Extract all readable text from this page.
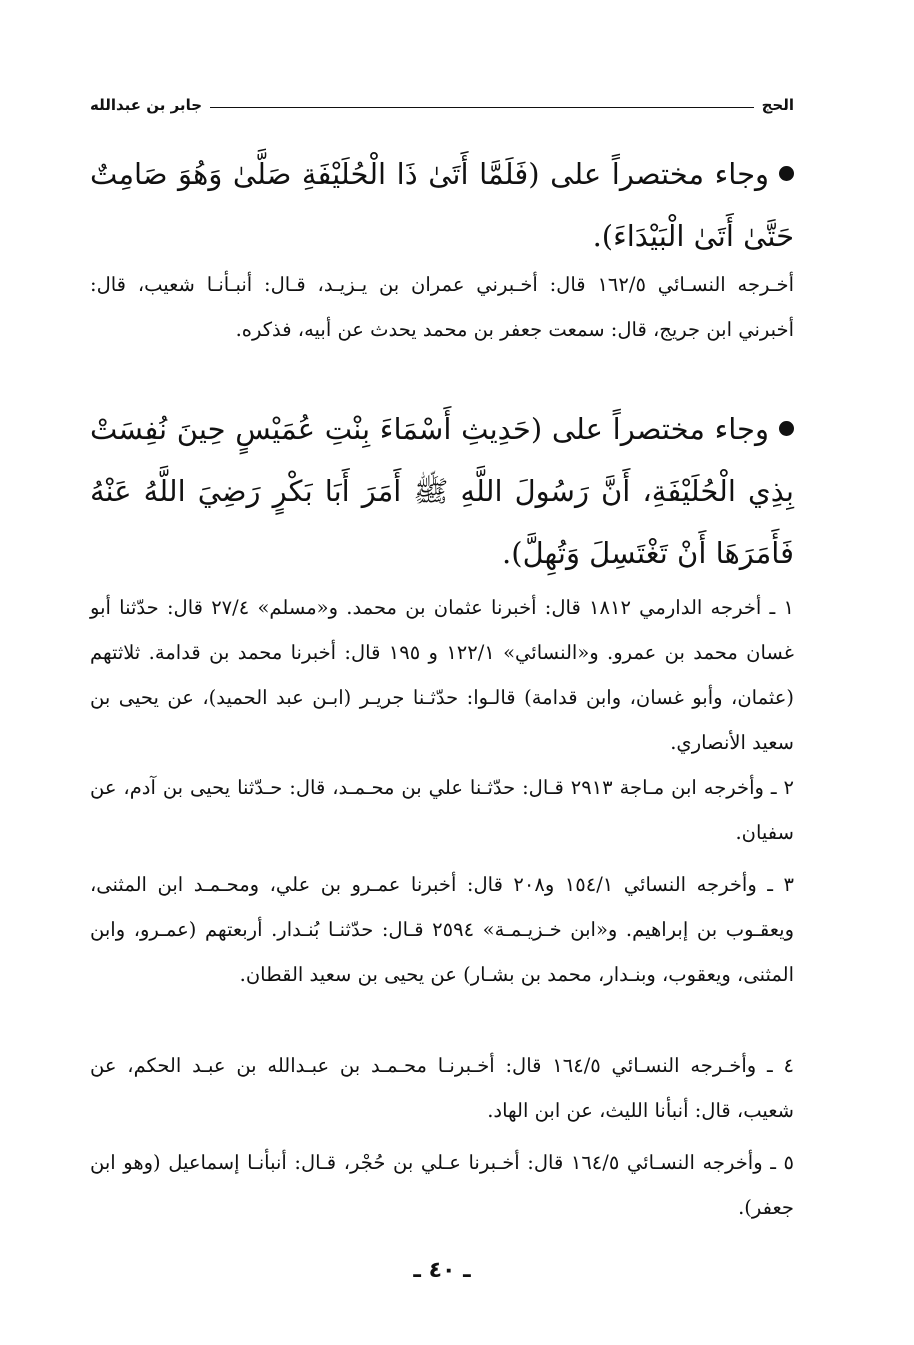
الحج
جابر بن عبدالله
وجاء مختصراً على (فَلَمَّا أَتَىٰ ذَا الْحُلَيْفَةِ صَلَّىٰ وَهُوَ صَامِتٌ حَتَّىٰ أَتَىٰ الْبَيْدَاءَ).
أخـرجه النسـائي ١٦٢/٥ قال: أخـبرني عمران بن يـزيـد، قـال: أنبـأنـا شعيب، قال: أخبرني ابن جريج، قال: سمعت جعفر بن محمد يحدث عن أبيه، فذكره.
وجاء مختصراً على (حَدِيثِ أَسْمَاءَ بِنْتِ عُمَيْسٍ حِينَ نُفِسَتْ بِذِي الْحُلَيْفَةِ، أَنَّ رَسُولَ اللَّهِ ﷺ أَمَرَ أَبَا بَكْرٍ رَضِيَ اللَّهُ عَنْهُ فَأَمَرَهَا أَنْ تَغْتَسِلَ وَتُهِلَّ).
١ ـ أخرجه الدارمي ١٨١٢ قال: أخبرنا عثمان بن محمد. و«مسلم» ٢٧/٤ قال: حدّثنا أبو غسان محمد بن عمرو. و«النسائي» ١٢٢/١ و ١٩٥ قال: أخبرنا محمد بن قدامة. ثلاثتهم (عثمان، وأبو غسان، وابن قدامة) قالـوا: حدّثـنا جريـر (ابـن عبد الحميد)، عن يحيى بن سعيد الأنصاري.
٢ ـ وأخرجه ابن مـاجة ٢٩١٣ قـال: حدّثـنا علي بن محـمـد، قال: حـدّثنا يحيى بن آدم، عن سفيان.
٣ ـ وأخرجه النسائي ١٥٤/١ و٢٠٨ قال: أخبرنا عمـرو بن علي، ومحـمـد ابن المثنى، ويعقـوب بن إبراهيم. و«ابن خـزيـمـة» ٢٥٩٤ قـال: حدّثنـا بُنـدار. أربعتهم (عمـرو، وابن المثنى، ويعقوب، وبنـدار، محمد بن بشـار) عن يحيى بن سعيد القطان.
٤ ـ وأخـرجه النسـائي ١٦٤/٥ قال: أخـبرنـا محـمـد بن عبـدالله بن عبـد الحكم، عن شعيب، قال: أنبأنا الليث، عن ابن الهاد.
٥ ـ وأخرجه النسـائي ١٦٤/٥ قال: أخـبرنا عـلي بن حُجْر، قـال: أنبأنـا إسماعيل (وهو ابن جعفر).
ـ ٤٠ ـ
